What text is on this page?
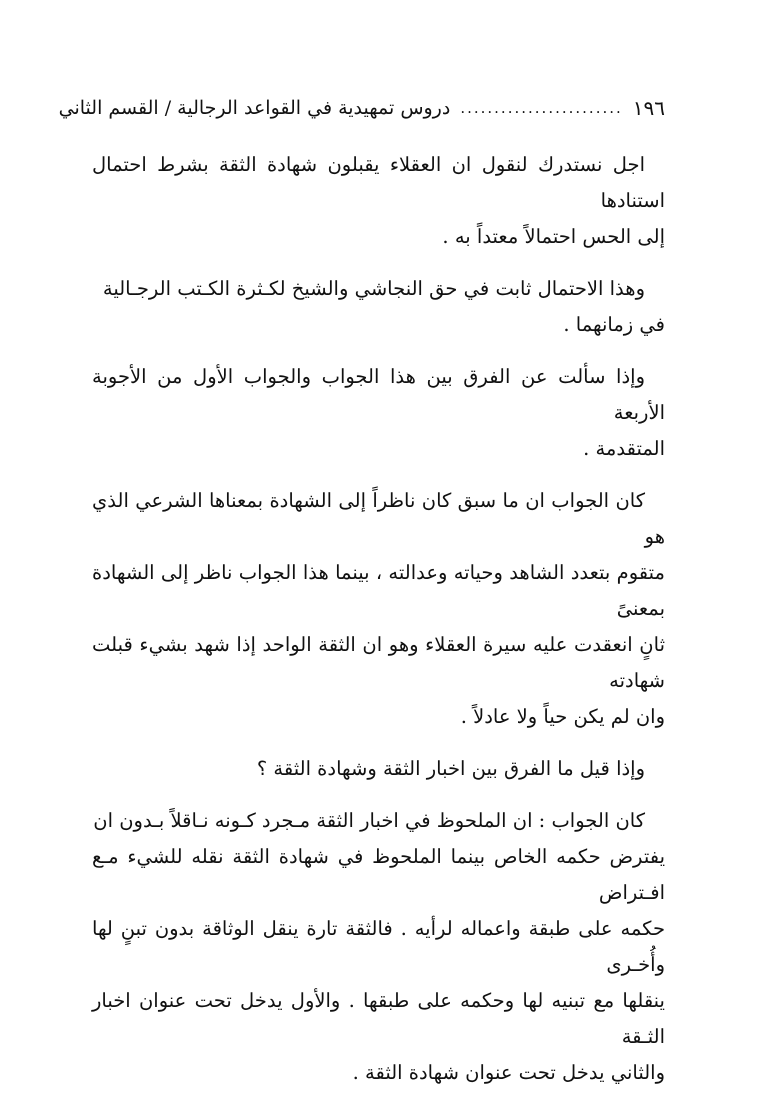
١٩٦
........................
دروس تمهيدية في القواعد الرجالية / القسم الثاني

اجل نستدرك لنقول ان العقلاء يقبلون شهادة الثقة بشرط احتمال استنادها
إلى الحس احتمالاً معتداً به .

وهذا الاحتمال ثابت في حق النجاشي والشيخ لكـثرة الكـتب الرجـالية
في زمانهما .

وإذا سألت عن الفرق بين هذا الجواب والجواب الأول من الأجوبة الأربعة
المتقدمة .

كان الجواب ان ما سبق كان ناظراً إلى الشهادة بمعناها الشرعي الذي هو
متقوم بتعدد الشاهد وحياته وعدالته ، بينما هذا الجواب ناظر إلى الشهادة بمعنىً
ثانٍ انعقدت عليه سيرة العقلاء وهو ان الثقة الواحد إذا شهد بشيء قبلت شهادته
وان لم يكن حياً ولا عادلاً .

وإذا قيل ما الفرق بين اخبار الثقة وشهادة الثقة ؟

كان الجواب : ان الملحوظ في اخبار الثقة مـجرد كـونه نـاقلاً بـدون ان
يفترض حكمه الخاص بينما الملحوظ في شهادة الثقة نقله للشيء مـع افـتراض
حكمه على طبقة واعماله لرأيه . فالثقة تارة ينقل الوثاقة بدون تبنٍ لها وأُخـرى
ينقلها مع تبنيه لها وحكمه على طبقها . والأول يدخل تحت عنوان اخبار الثـقة
والثاني يدخل تحت عنوان شهادة الثقة .
